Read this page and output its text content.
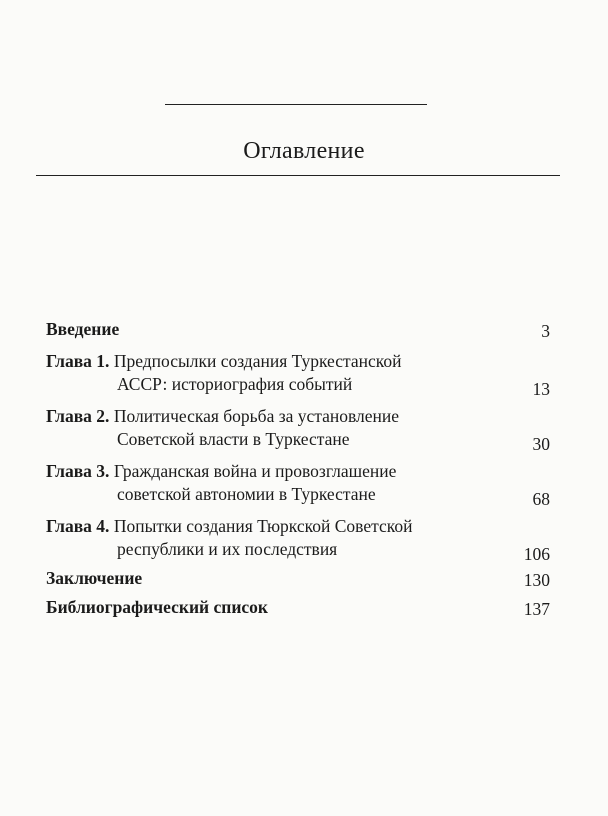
Оглавление
Введение	3
Глава 1. Предпосылки создания Туркестанской
АССР: историография событий	13
Глава 2. Политическая борьба за установление
Советской власти в Туркестане	30
Глава 3. Гражданская война и провозглашение
советской автономии в Туркестане	68
Глава 4. Попытки создания Тюркской Советской
республики и их последствия	106
Заключение	130
Библиографический список	137
